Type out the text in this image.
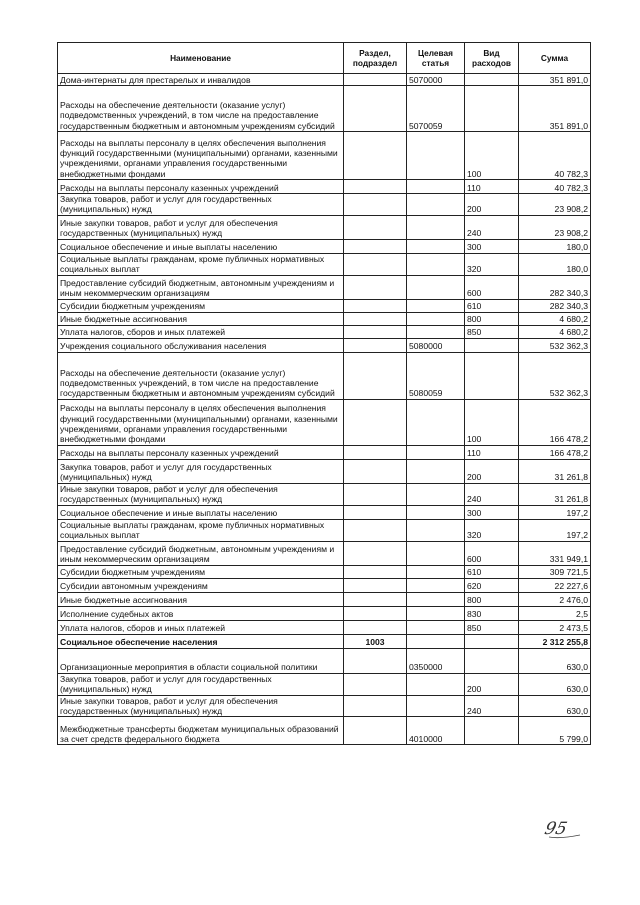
Наименование	Раздел, подраздел	Целевая статья	Вид расходов	Сумма
Дома-интернаты для престарелых и инвалидов		5070000		351 891,0
Расходы на обеспечение деятельности (оказание услуг) подведомственных учреждений, в том числе на предоставление государственным бюджетным и автономным учреждениям субсидий		5070059		351 891,0
Расходы на выплаты персоналу в целях обеспечения выполнения функций государственными (муниципальными) органами, казенными учреждениями, органами управления государственными внебюджетными фондами			100	40 782,3
Расходы на выплаты персоналу казенных учреждений			110	40 782,3
Закупка товаров, работ и услуг для государственных (муниципальных) нужд			200	23 908,2
Иные закупки товаров, работ и услуг для обеспечения государственных (муниципальных) нужд			240	23 908,2
Социальное обеспечение и иные выплаты населению			300	180,0
Социальные выплаты гражданам, кроме публичных нормативных социальных выплат			320	180,0
Предоставление субсидий бюджетным, автономным учреждениям и иным некоммерческим организациям			600	282 340,3
Субсидии бюджетным учреждениям			610	282 340,3
Иные бюджетные ассигнования			800	4 680,2
Уплата налогов, сборов и иных платежей			850	4 680,2
Учреждения социального обслуживания населения		5080000		532 362,3
Расходы на обеспечение деятельности (оказание услуг) подведомственных учреждений, в том числе на предоставление государственным бюджетным и автономным учреждениям субсидий		5080059		532 362,3
Расходы на выплаты персоналу в целях обеспечения выполнения функций государственными (муниципальными) органами, казенными учреждениями, органами управления государственными внебюджетными фондами			100	166 478,2
Расходы на выплаты персоналу казенных учреждений			110	166 478,2
Закупка товаров, работ и услуг для государственных (муниципальных) нужд			200	31 261,8
Иные закупки товаров, работ и услуг для обеспечения государственных (муниципальных) нужд			240	31 261,8
Социальное обеспечение и иные выплаты населению			300	197,2
Социальные выплаты гражданам, кроме публичных нормативных социальных выплат			320	197,2
Предоставление субсидий бюджетным, автономным учреждениям и иным некоммерческим организациям			600	331 949,1
Субсидии бюджетным учреждениям			610	309 721,5
Субсидии автономным учреждениям			620	22 227,6
Иные бюджетные ассигнования			800	2 476,0
Исполнение судебных актов			830	2,5
Уплата налогов, сборов и иных платежей			850	2 473,5
Социальное обеспечение населения	1003			2 312 255,8
Организационные мероприятия в области социальной политики		0350000		630,0
Закупка товаров, работ и услуг для государственных (муниципальных) нужд			200	630,0
Иные закупки товаров, работ и услуг для обеспечения государственных (муниципальных) нужд			240	630,0
Межбюджетные трансферты бюджетам муниципальных образований за счет средств федерального бюджета		4010000		5 799,0
95
